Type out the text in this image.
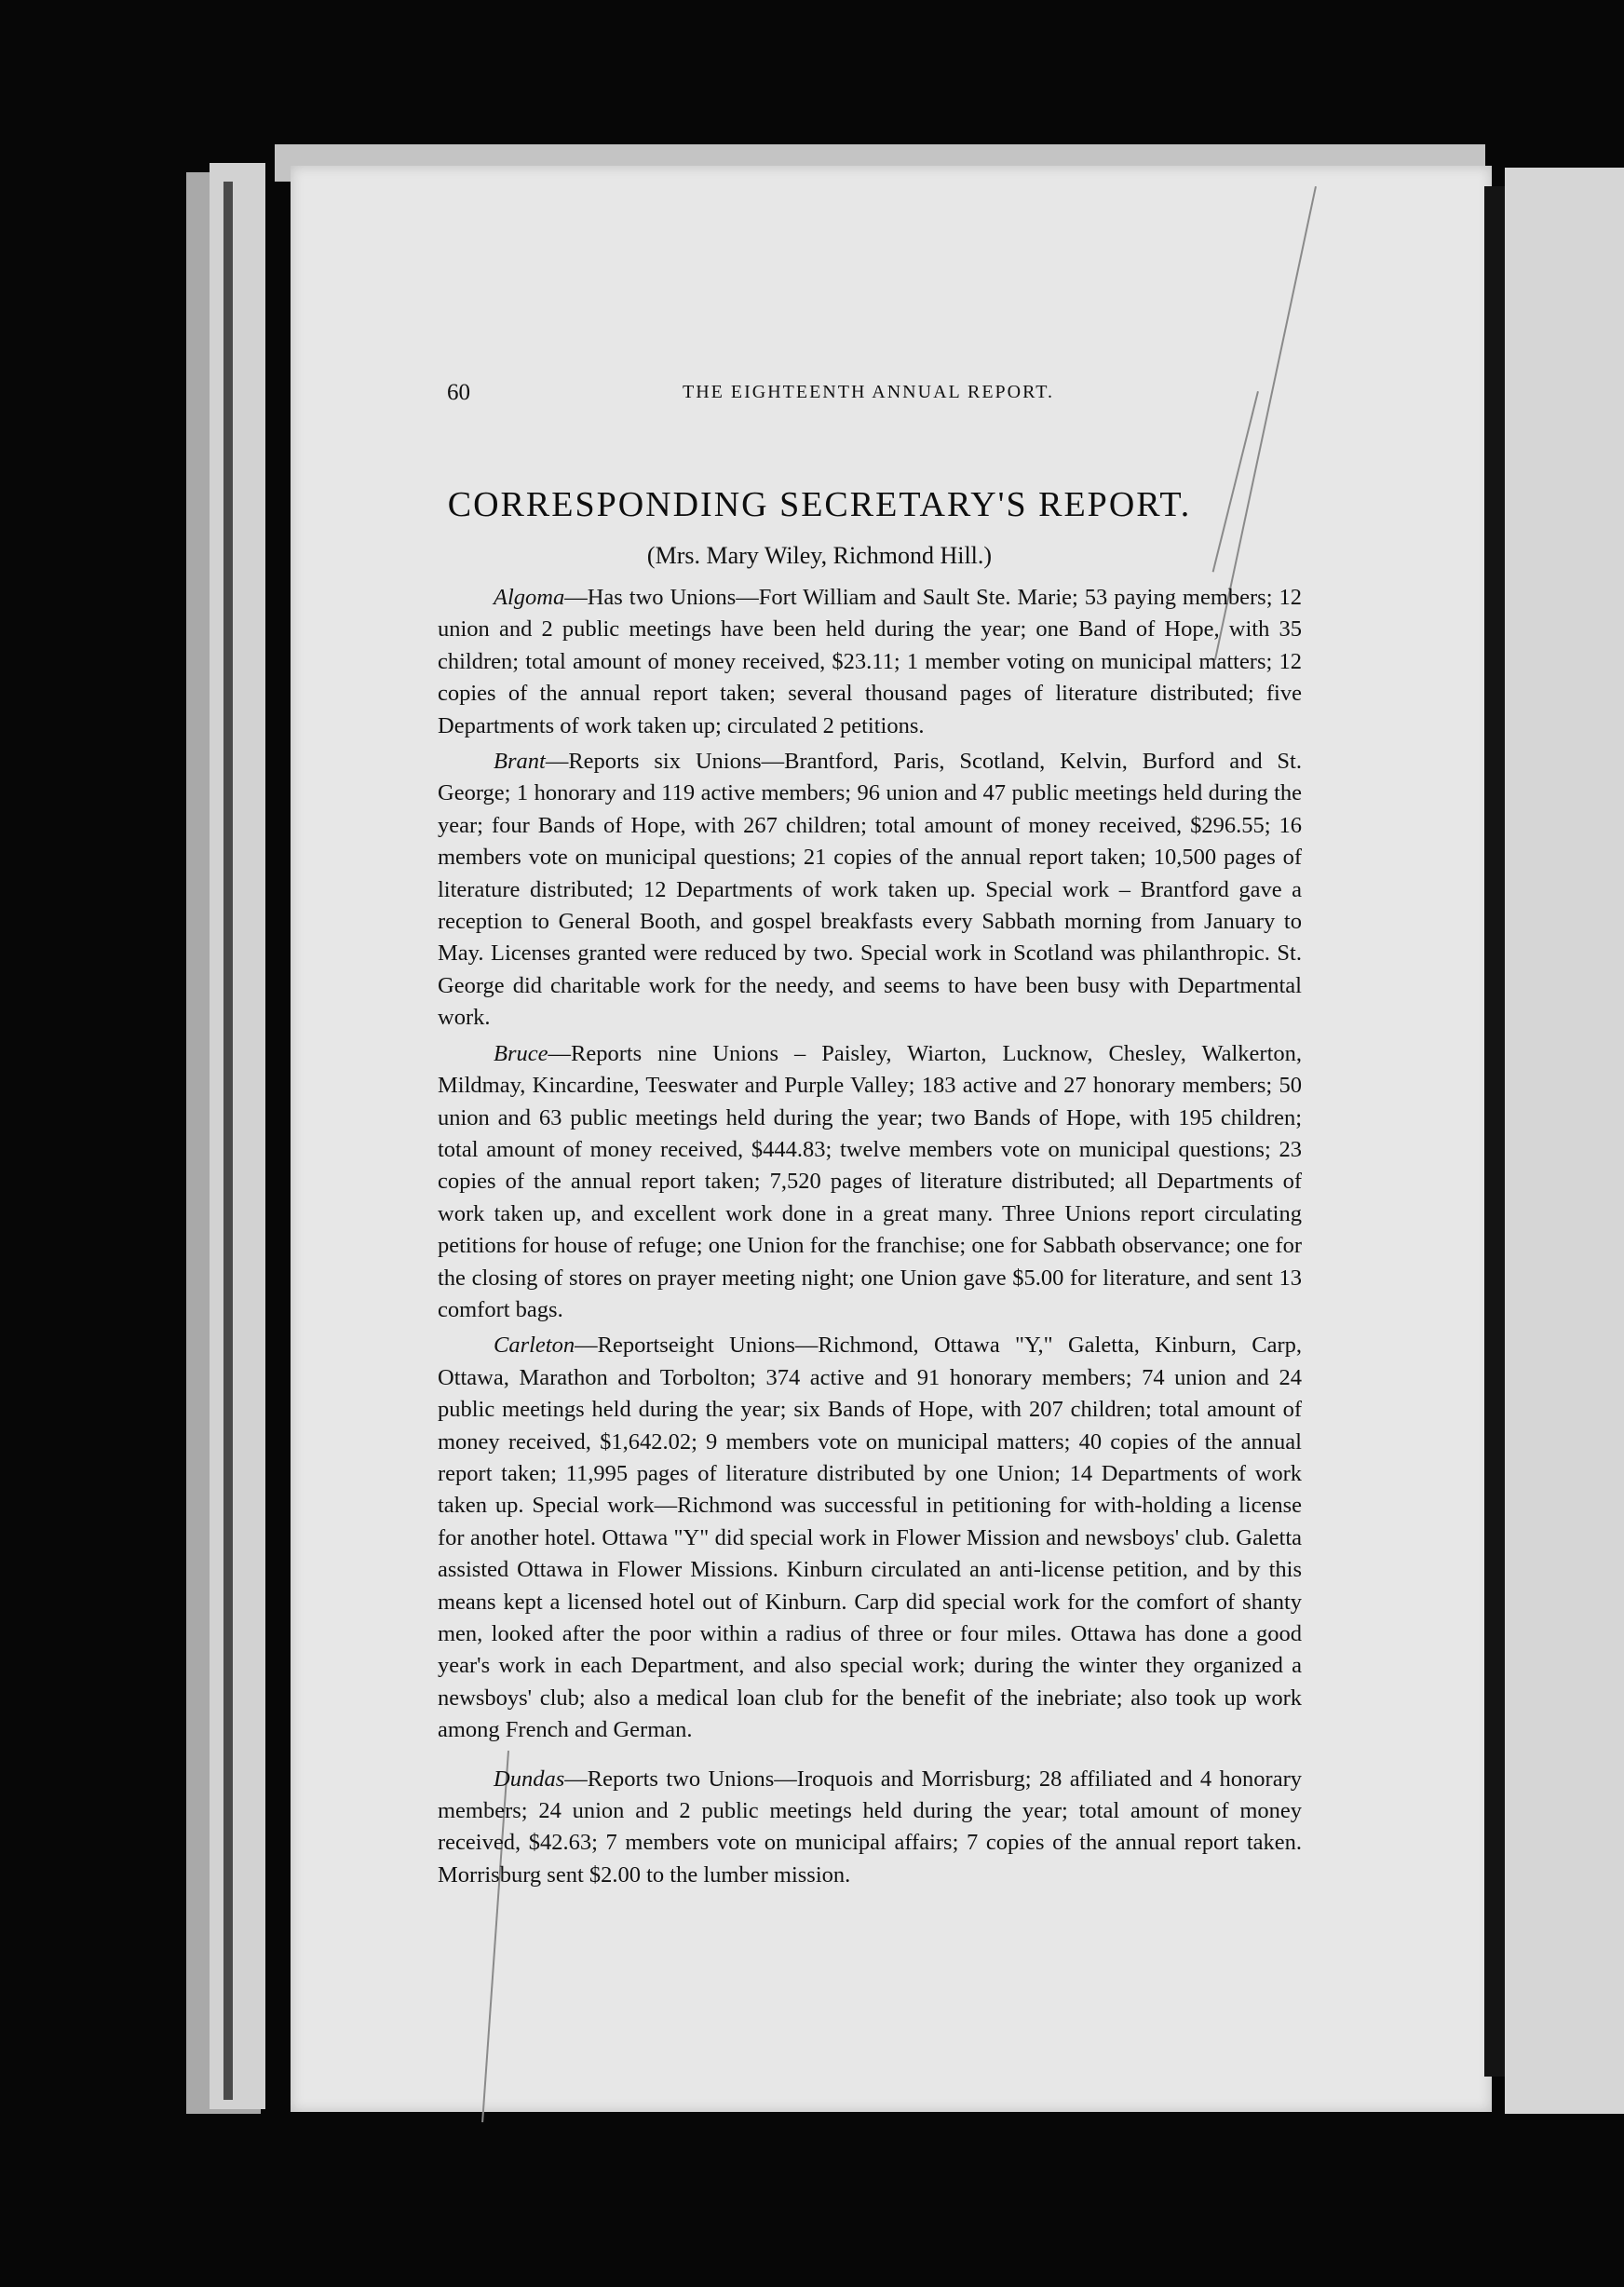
60	THE EIGHTEENTH ANNUAL REPORT.
CORRESPONDING SECRETARY'S REPORT.
(Mrs. Mary Wiley, Richmond Hill.)

Algoma—Has two Unions—Fort William and Sault Ste. Marie; 53 paying members; 12 union and 2 public meetings have been held during the year; one Band of Hope, with 35 children; total amount of money received, $23.11; 1 member voting on municipal matters; 12 copies of the annual report taken; several thousand pages of literature distributed; five Departments of work taken up; circulated 2 petitions.

Brant—Reports six Unions—Brantford, Paris, Scotland, Kelvin, Burford and St. George; 1 honorary and 119 active members; 96 union and 47 public meetings held during the year; four Bands of Hope, with 267 children; total amount of money received, $296.55; 16 members vote on municipal questions; 21 copies of the annual report taken; 10,500 pages of literature distributed; 12 Departments of work taken up. Special work – Brantford gave a reception to General Booth, and gospel breakfasts every Sabbath morning from January to May. Licenses granted were reduced by two. Special work in Scotland was philanthropic. St. George did charitable work for the needy, and seems to have been busy with Departmental work.

Bruce—Reports nine Unions – Paisley, Wiarton, Lucknow, Chesley, Walkerton, Mildmay, Kincardine, Teeswater and Purple Valley; 183 active and 27 honorary members; 50 union and 63 public meetings held during the year; two Bands of Hope, with 195 children; total amount of money received, $444.83; twelve members vote on municipal questions; 23 copies of the annual report taken; 7,520 pages of literature distributed; all Departments of work taken up, and excellent work done in a great many. Three Unions report circulating petitions for house of refuge; one Union for the franchise; one for Sabbath observance; one for the closing of stores on prayer meeting night; one Union gave $5.00 for literature, and sent 13 comfort bags.

Carleton—Reportseight Unions—Richmond, Ottawa "Y," Galetta, Kinburn, Carp, Ottawa, Marathon and Torbolton; 374 active and 91 honorary members; 74 union and 24 public meetings held during the year; six Bands of Hope, with 207 children; total amount of money received, $1,642.02; 9 members vote on municipal matters; 40 copies of the annual report taken; 11,995 pages of literature distributed by one Union; 14 Departments of work taken up. Special work—Richmond was successful in petitioning for with-holding a license for another hotel. Ottawa "Y" did special work in Flower Mission and newsboys' club. Galetta assisted Ottawa in Flower Missions. Kinburn circulated an anti-license petition, and by this means kept a licensed hotel out of Kinburn. Carp did special work for the comfort of shanty men, looked after the poor within a radius of three or four miles. Ottawa has done a good year's work in each Department, and also special work; during the winter they organized a newsboys' club; also a medical loan club for the benefit of the inebriate; also took up work among French and German.

Dundas—Reports two Unions—Iroquois and Morrisburg; 28 affiliated and 4 honorary members; 24 union and 2 public meetings held during the year; total amount of money received, $42.63; 7 members vote on municipal affairs; 7 copies of the annual report taken. Morrisburg sent $2.00 to the lumber mission.
